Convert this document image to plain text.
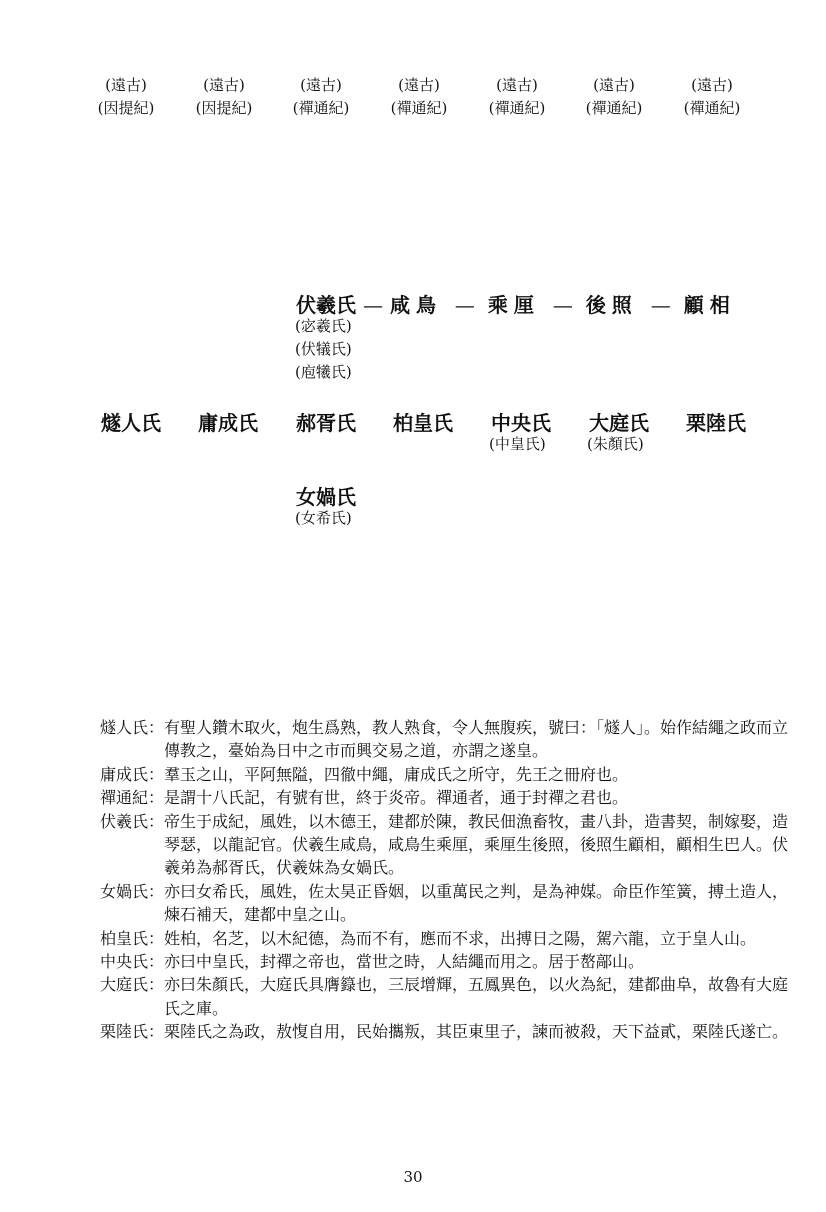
(遠古)
(因提紀)
(遠古)
(因提紀)
(遠古)
(禪通紀)
(遠古)
(禪通紀)
(遠古)
(禪通紀)
(遠古)
(禪通紀)
(遠古)
(禪通紀)
伏羲氏 — 咸鳥 — 乘厘 — 後照 — 顧相
(宓羲氏)
(伏犠氏)
(庖犧氏)
燧人氏 庸成氏 郝胥氏 柏皇氏 中央氏
(中皇氏)
大庭氏
(朱顏氏)
栗陸氏
女媧氏
(女希氏)
燧人氏： 有聖人鑽木取火，炮生爲熟，教人熟食，令人無腹疾，號曰：「燧人」。始作結繩之政而立傳教之，臺始為日中之市而興交易之道，亦謂之遂皇。
庸成氏： 羣玉之山，平阿無隘，四徹中繩，庸成氏之所守，先王之冊府也。
禪通紀： 是謂十八氏記，有號有世，終于炎帝。禪通者，通于封禪之君也。
伏羲氏： 帝生于成紀，風姓，以木德王，建都於陳，教民佃漁畜牧，畫八卦，造書契，制嫁娶，造琴瑟，以龍記官。伏羲生咸鳥，咸鳥生乘厘，乘厘生後照，後照生顧相，顧相生巴人。伏羲弟為郝胥氏，伏羲妹為女媧氏。
女媧氏： 亦曰女希氏，風姓，佐太昊正昏姻，以重萬民之判，是為神媒。命臣作笙簧，搏土造人，煉石補天，建都中皇之山。
柏皇氏： 姓柏，名芝，以木紀德，為而不有，應而不求，出搏日之陽，駕六龍，立于皇人山。
中央氏： 亦曰中皇氏，封禪之帝也，當世之時，人結繩而用之。居于嶅鄗山。
大庭氏： 亦曰朱顏氏，大庭氏具膺籙也，三辰增輝，五鳳異色，以火為紀，建都曲阜，故魯有大庭氏之庫。
栗陸氏： 栗陸氏之為政，敖愎自用，民始攜叛，其臣東里子，諫而被殺，天下益貳，栗陸氏遂亡。
30
